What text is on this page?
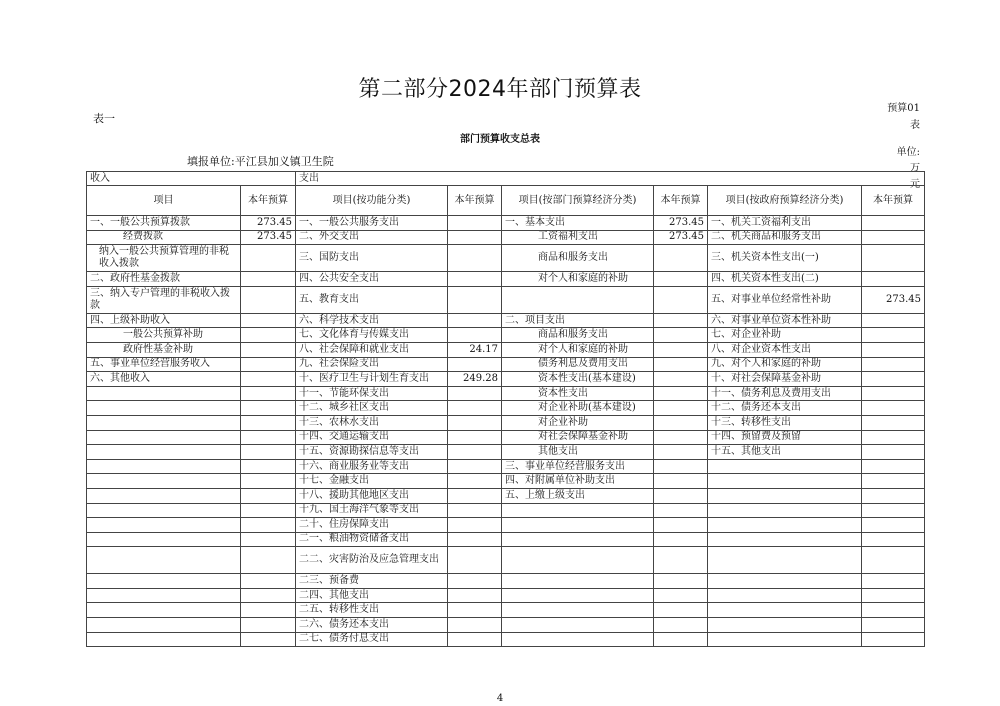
第二部分2024年部门预算表
表一
预算01
表
部门预算收支总表
填报单位:平江县加义镇卫生院
单位:万
元
收入		支出					
项目	本年预算	项目(按功能分类)	本年预算	项目(按部门预算经济分类)	本年预算	项目(按政府预算经济分类)	本年预算
一、一般公共预算拨款	273.45	一、一般公共服务支出		一、基本支出	273.45	一、机关工资福利支出	
经费拨款	273.45	二、外交支出		工资福利支出	273.45	二、机关商品和服务支出	
纳入一般公共预算管理的非税收入拨款		三、国防支出		商品和服务支出		三、机关资本性支出(一)	
二、政府性基金拨款		四、公共安全支出		对个人和家庭的补助		四、机关资本性支出(二)	
三、纳入专户管理的非税收入拨款		五、教育支出				五、对事业单位经常性补助	273.45
四、上级补助收入		六、科学技术支出		二、项目支出		六、对事业单位资本性补助	
一般公共预算补助		七、文化体育与传媒支出		商品和服务支出		七、对企业补助	
政府性基金补助		八、社会保障和就业支出	24.17	对个人和家庭的补助		八、对企业资本性支出	
五、事业单位经营服务收入		九、社会保险支出		债务利息及费用支出		九、对个人和家庭的补助	
六、其他收入		十、医疗卫生与计划生育支出	249.28	资本性支出(基本建设)		十、对社会保障基金补助	
		十一、节能环保支出		资本性支出		十一、债务利息及费用支出	
		十二、城乡社区支出		对企业补助(基本建设)		十二、债务还本支出	
		十三、农林水支出		对企业补助		十三、转移性支出	
		十四、交通运输支出		对社会保障基金补助		十四、预留费及预留	
		十五、资源勘探信息等支出		其他支出		十五、其他支出	
		十六、商业服务业等支出		三、事业单位经营服务支出			
		十七、金融支出		四、对附属单位补助支出			
		十八、援助其他地区支出		五、上缴上级支出			
		十九、国土海洋气象等支出					
		二十、住房保障支出					
		二一、粮油物资储备支出					
		二二、灾害防治及应急管理支出					
		二三、预备费					
		二四、其他支出					
		二五、转移性支出					
		二六、债务还本支出					
		二七、债务付息支出					
4
